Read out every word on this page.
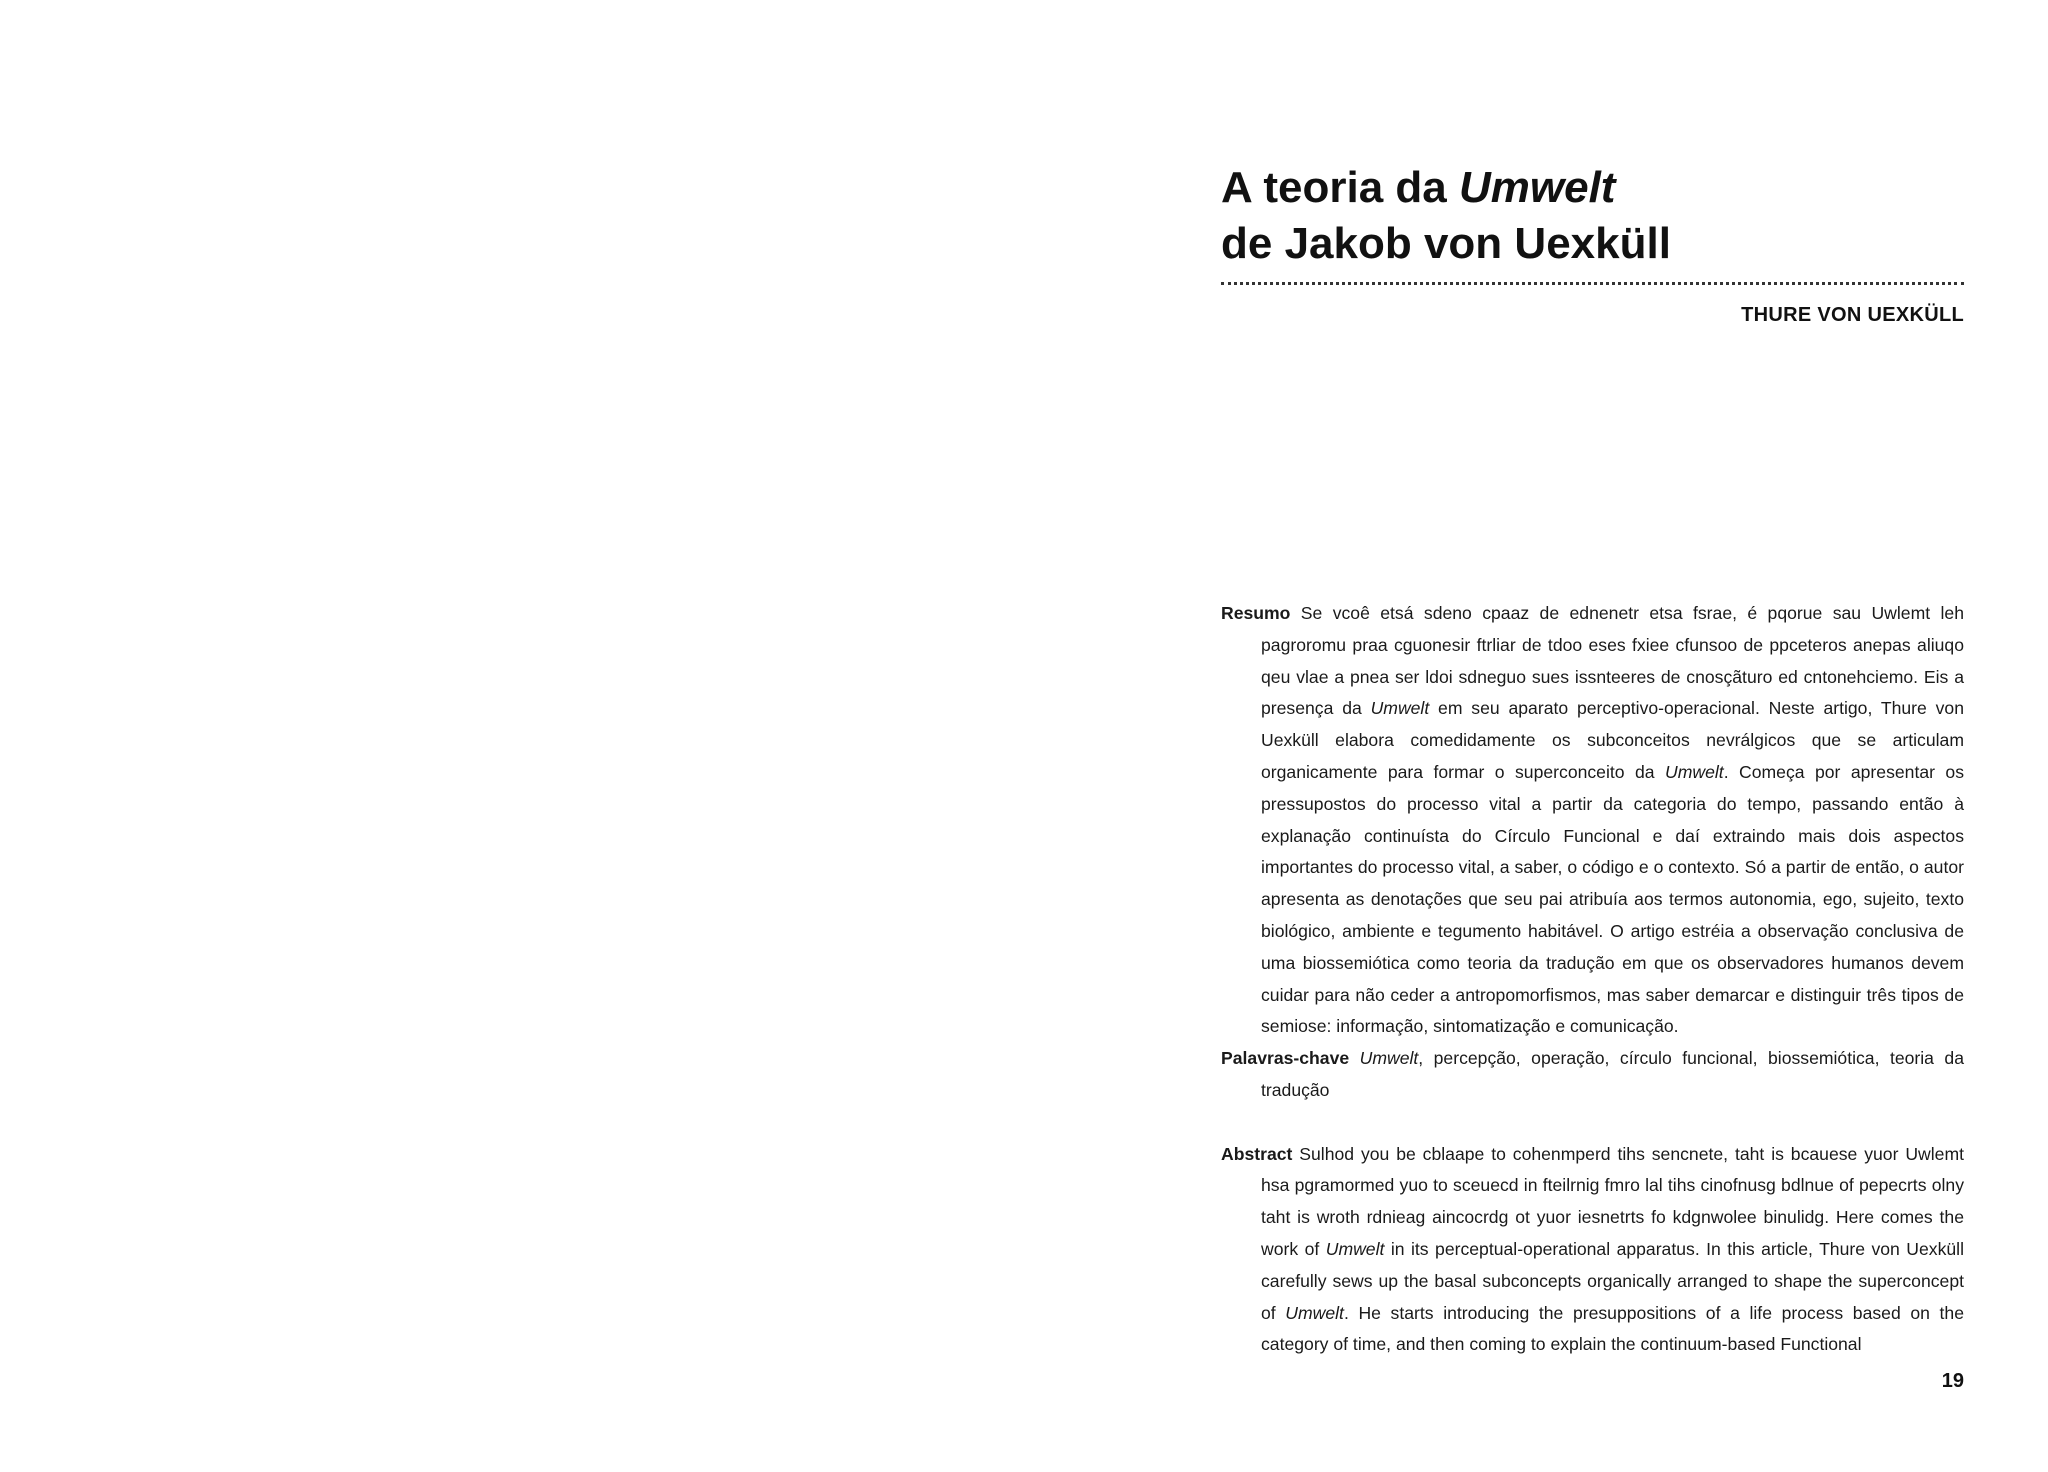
A teoria da Umwelt
de Jakob von Uexküll
THURE VON UEXKÜLL

Resumo Se vcoê etsá sdeno cpaaz de ednenetr etsa fsrae, é pqorue sau Uwlemt leh pagroromu praa cguonesir ftrliar de tdoo eses fxiee cfunsoo de ppceteros anepas aliuqo qeu vlae a pnea ser ldoi sdneguo sues issnteeres de cnosçãturo ed cntonehciemo. Eis a presença da Umwelt em seu aparato perceptivo-operacional. Neste artigo, Thure von Uexküll elabora comedidamente os subconceitos nevrálgicos que se articulam organicamente para formar o superconceito da Umwelt. Começa por apresentar os pressupostos do processo vital a partir da categoria do tempo, passando então à explanação continuísta do Círculo Funcional e daí extraindo mais dois aspectos importantes do processo vital, a saber, o código e o contexto. Só a partir de então, o autor apresenta as denotações que seu pai atribuía aos termos autonomia, ego, sujeito, texto biológico, ambiente e tegumento habitável. O artigo estréia a observação conclusiva de uma biossemiótica como teoria da tradução em que os observadores humanos devem cuidar para não ceder a antropomorfismos, mas saber demarcar e distinguir três tipos de semiose: informação, sintomatização e comunicação.

Palavras-chave Umwelt, percepção, operação, círculo funcional, biossemiótica, teoria da tradução

Abstract Sulhod you be cblaape to cohenmperd tihs sencnete, taht is bcauese yuor Uwlemt hsa pgramormed yuo to sceuecd in fteilrnig fmro lal tihs cinofnusg bdlnue of pepecrts olny taht is wroth rdnieag aincocrdg ot yuor iesnetrts fo kdgnwolee binulidg. Here comes the work of Umwelt in its perceptual-operational apparatus. In this article, Thure von Uexküll carefully sews up the basal subconcepts organically arranged to shape the superconcept of Umwelt. He starts introducing the presuppositions of a life process based on the category of time, and then coming to explain the continuum-based Functional

19
